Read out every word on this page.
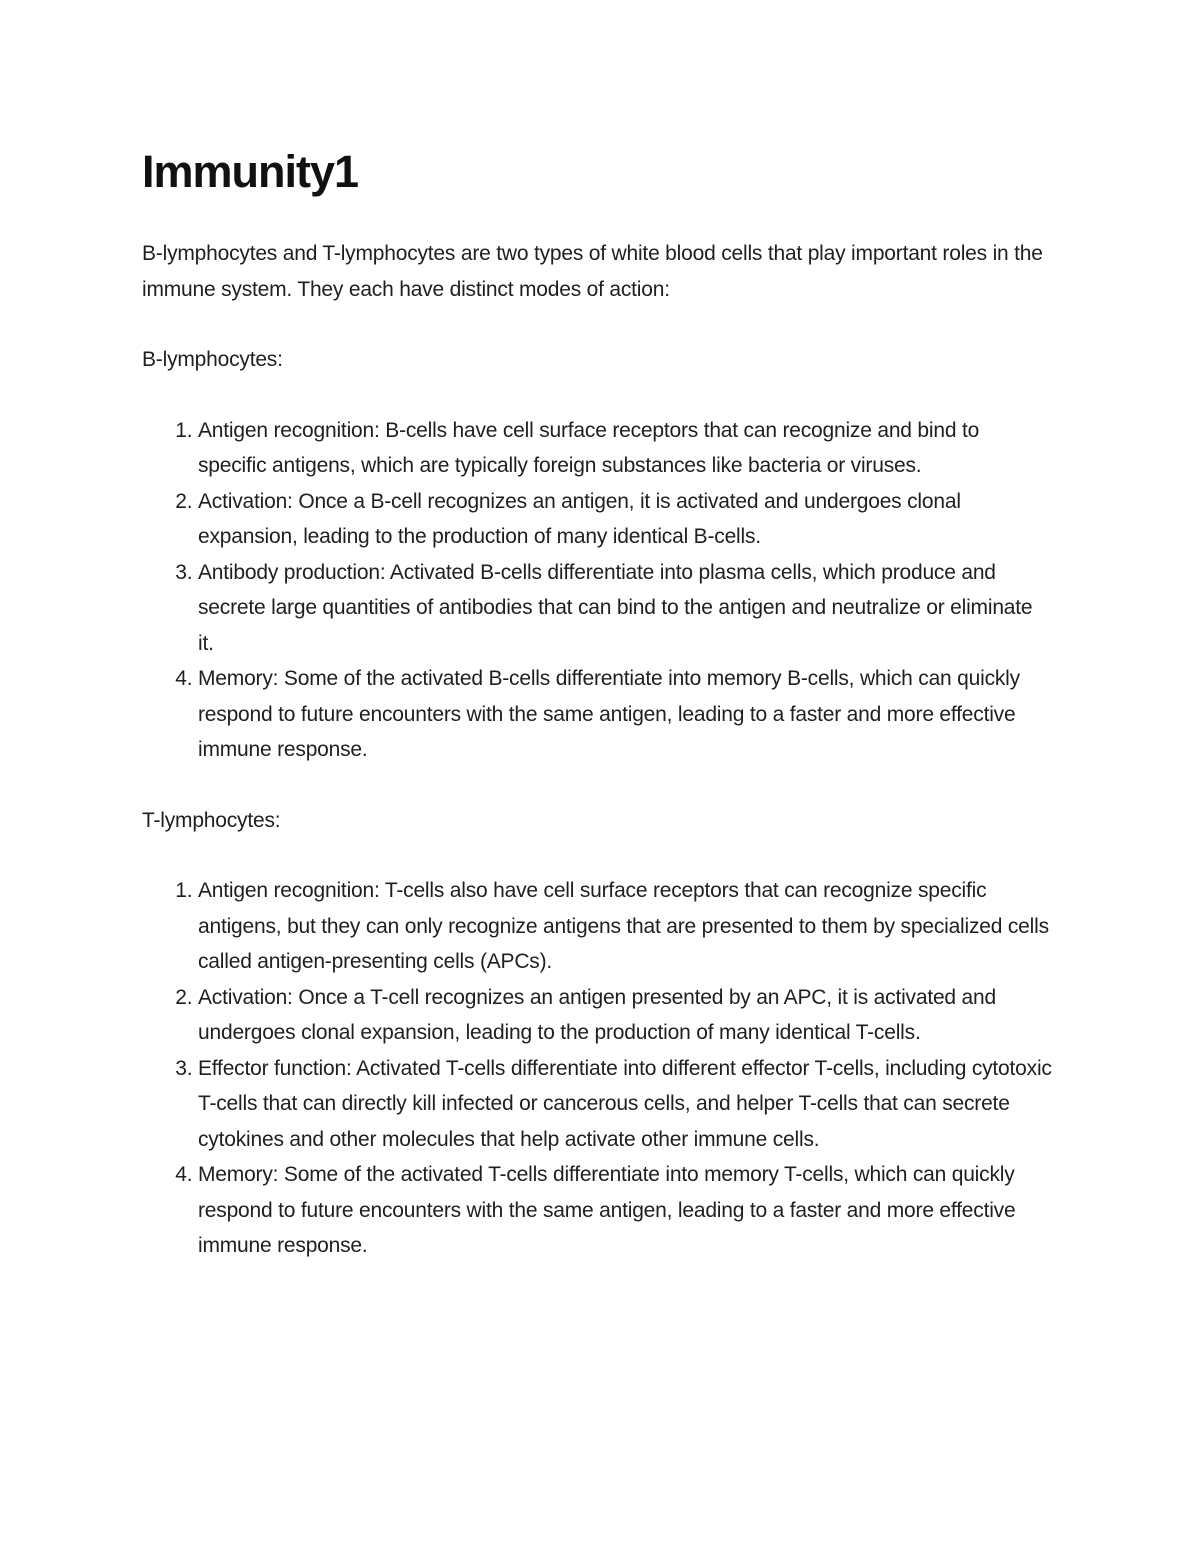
Immunity1

B-lymphocytes and T-lymphocytes are two types of white blood cells that play important roles in the immune system. They each have distinct modes of action:

B-lymphocytes:

1. Antigen recognition: B-cells have cell surface receptors that can recognize and bind to specific antigens, which are typically foreign substances like bacteria or viruses.
2. Activation: Once a B-cell recognizes an antigen, it is activated and undergoes clonal expansion, leading to the production of many identical B-cells.
3. Antibody production: Activated B-cells differentiate into plasma cells, which produce and secrete large quantities of antibodies that can bind to the antigen and neutralize or eliminate it.
4. Memory: Some of the activated B-cells differentiate into memory B-cells, which can quickly respond to future encounters with the same antigen, leading to a faster and more effective immune response.

T-lymphocytes:

1. Antigen recognition: T-cells also have cell surface receptors that can recognize specific antigens, but they can only recognize antigens that are presented to them by specialized cells called antigen-presenting cells (APCs).
2. Activation: Once a T-cell recognizes an antigen presented by an APC, it is activated and undergoes clonal expansion, leading to the production of many identical T-cells.
3. Effector function: Activated T-cells differentiate into different effector T-cells, including cytotoxic T-cells that can directly kill infected or cancerous cells, and helper T-cells that can secrete cytokines and other molecules that help activate other immune cells.
4. Memory: Some of the activated T-cells differentiate into memory T-cells, which can quickly respond to future encounters with the same antigen, leading to a faster and more effective immune response.
